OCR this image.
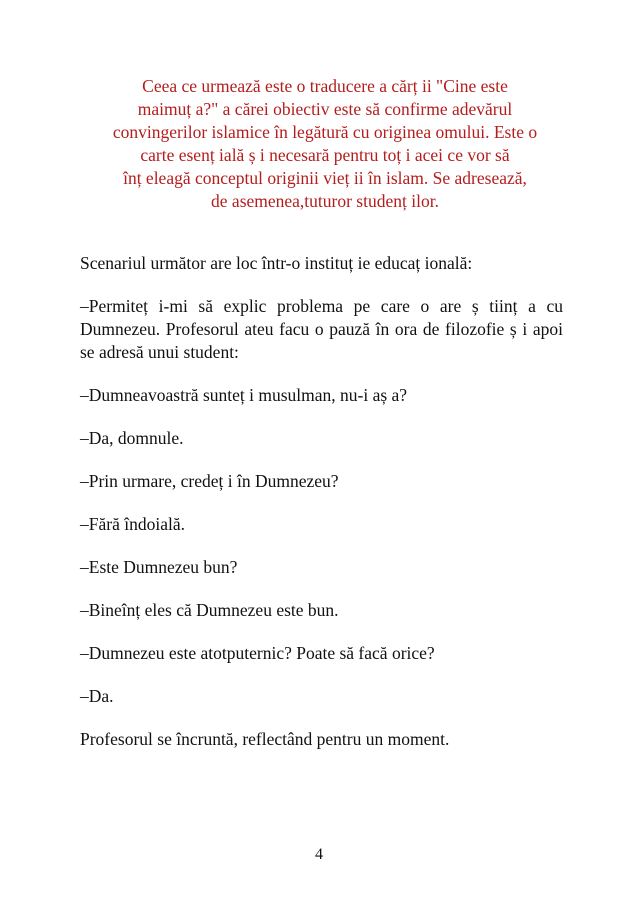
Ceea ce urmează este o traducere a cărț ii "Cine este

maimuț a?" a cărei obiectiv este să confirme adevărul

convingerilor islamice în legătură cu originea omului. Este o

carte esenț ială ș i necesară pentru toț i acei ce vor să

înț eleagă conceptul originii vieț ii în islam. Se adresează,

de asemenea,tuturor studenț ilor.

Scenariul următor are loc într-o instituț ie educaț ională:

–Permiteț i-mi să explic problema pe care o are ș tiinț a cu Dumnezeu. Profesorul ateu facu o pauză în ora de filozofie ș i apoi se adresă unui student:

–Dumneavoastră sunteț i musulman, nu-i aș a?

–Da, domnule.

–Prin urmare, credeț i în Dumnezeu?

–Fără îndoială.

–Este Dumnezeu bun?

–Bineînț eles că Dumnezeu este bun.

–Dumnezeu este atotputernic? Poate să facă orice?

–Da.

Profesorul se încruntă, reflectând pentru un moment.

4
